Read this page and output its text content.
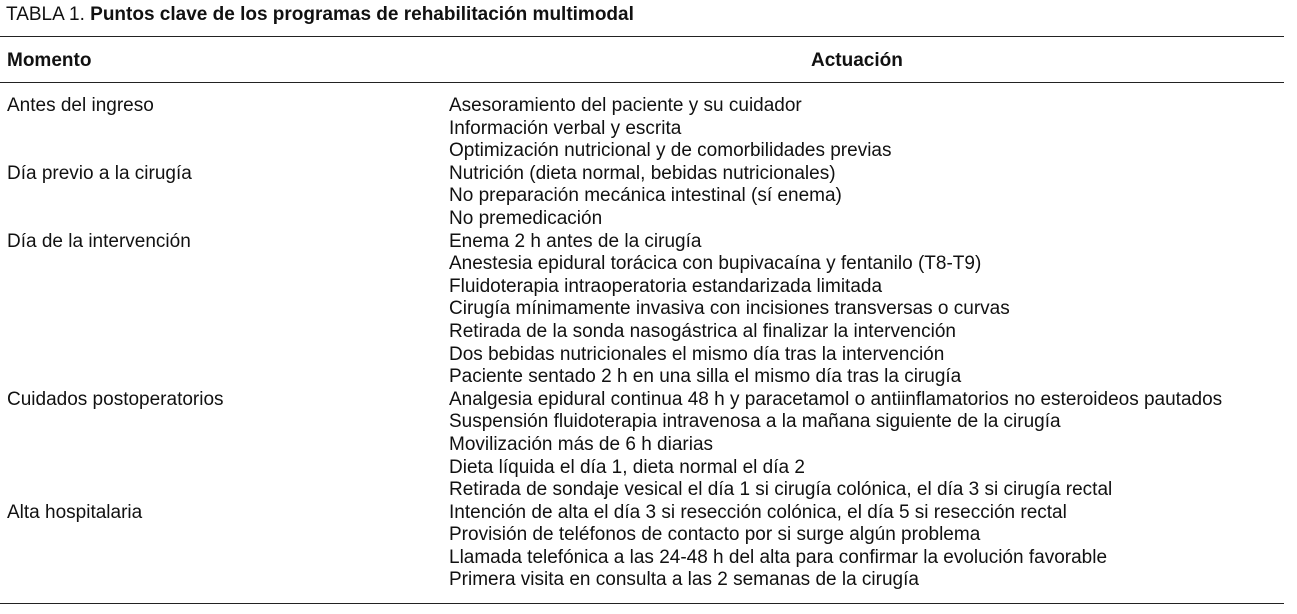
TABLA 1. Puntos clave de los programas de rehabilitación multimodal
Momento	Actuación
Antes del ingreso	Asesoramiento del paciente y su cuidador
Información verbal y escrita
Optimización nutricional y de comorbilidades previas
Día previo a la cirugía	Nutrición (dieta normal, bebidas nutricionales)
No preparación mecánica intestinal (sí enema)
No premedicación
Día de la intervención	Enema 2 h antes de la cirugía
Anestesia epidural torácica con bupivacaína y fentanilo (T8-T9)
Fluidoterapia intraoperatoria estandarizada limitada
Cirugía mínimamente invasiva con incisiones transversas o curvas
Retirada de la sonda nasogástrica al finalizar la intervención
Dos bebidas nutricionales el mismo día tras la intervención
Paciente sentado 2 h en una silla el mismo día tras la cirugía
Cuidados postoperatorios	Analgesia epidural continua 48 h y paracetamol o antiinflamatorios no esteroideos pautados
Suspensión fluidoterapia intravenosa a la mañana siguiente de la cirugía
Movilización más de 6 h diarias
Dieta líquida el día 1, dieta normal el día 2
Retirada de sondaje vesical el día 1 si cirugía colónica, el día 3 si cirugía rectal
Alta hospitalaria	Intención de alta el día 3 si resección colónica, el día 5 si resección rectal
Provisión de teléfonos de contacto por si surge algún problema
Llamada telefónica a las 24-48 h del alta para confirmar la evolución favorable
Primera visita en consulta a las 2 semanas de la cirugía
